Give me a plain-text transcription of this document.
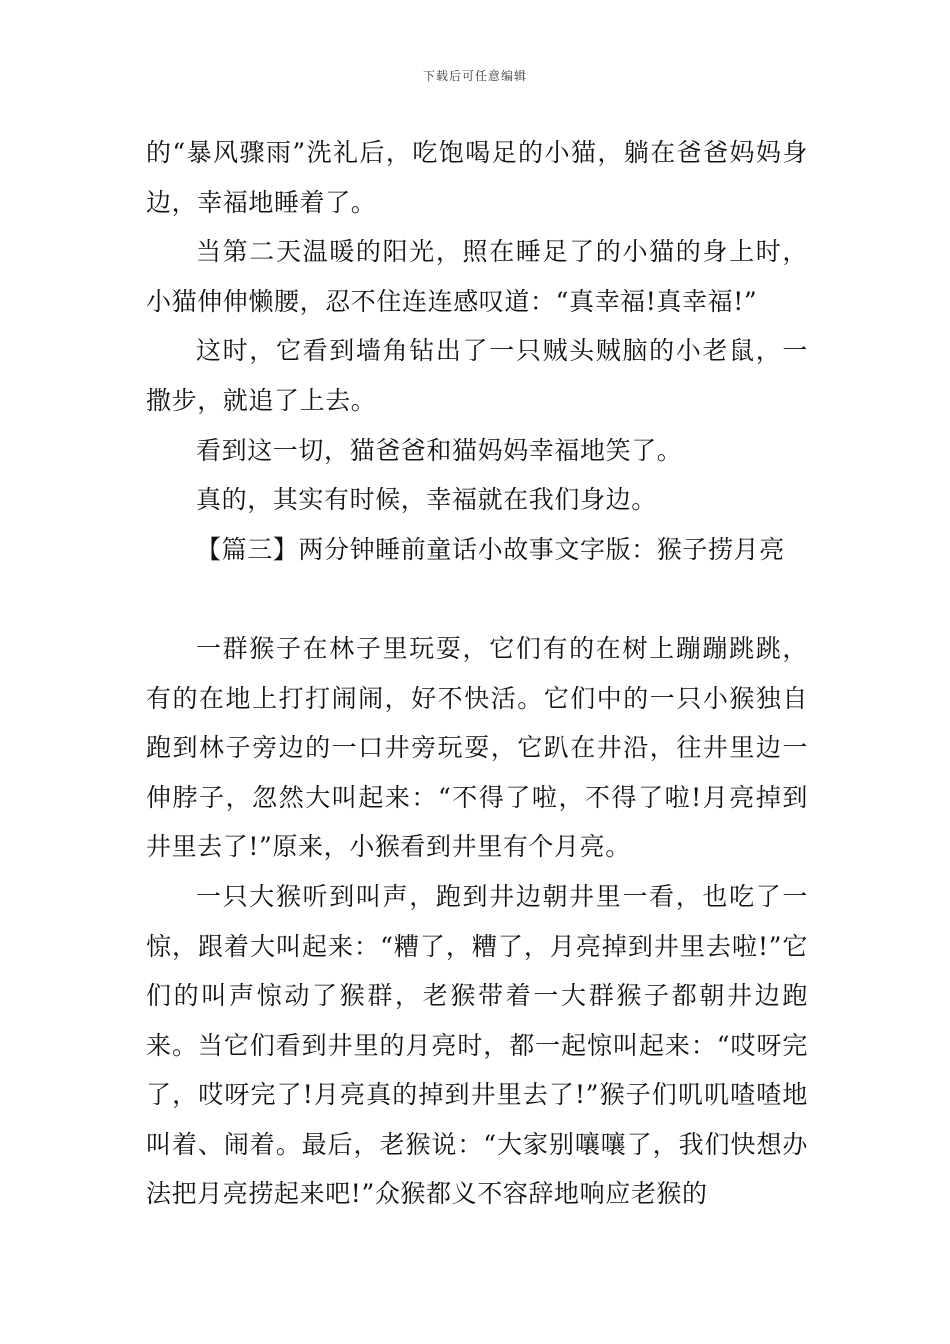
下载后可任意编辑

的“暴风骤雨”洗礼后，吃饱喝足的小猫，躺在爸爸妈妈身边，幸福地睡着了。

当第二天温暖的阳光，照在睡足了的小猫的身上时，小猫伸伸懒腰，忍不住连连感叹道：“真幸福!真幸福!”

这时，它看到墙角钻出了一只贼头贼脑的小老鼠，一撒步，就追了上去。

看到这一切，猫爸爸和猫妈妈幸福地笑了。

真的，其实有时候，幸福就在我们身边。

【篇三】两分钟睡前童话小故事文字版：猴子捞月亮

一群猴子在林子里玩耍，它们有的在树上蹦蹦跳跳，有的在地上打打闹闹，好不快活。它们中的一只小猴独自跑到林子旁边的一口井旁玩耍，它趴在井沿，往井里边一伸脖子，忽然大叫起来：“不得了啦，不得了啦!月亮掉到井里去了!”原来，小猴看到井里有个月亮。

一只大猴听到叫声，跑到井边朝井里一看，也吃了一惊，跟着大叫起来：“糟了，糟了，月亮掉到井里去啦!”它们的叫声惊动了猴群，老猴带着一大群猴子都朝井边跑来。当它们看到井里的月亮时，都一起惊叫起来：“哎呀完了，哎呀完了!月亮真的掉到井里去了!”猴子们叽叽喳喳地叫着、闹着。最后，老猴说：“大家别嚷嚷了，我们快想办法把月亮捞起来吧!”众猴都义不容辞地响应老猴的
